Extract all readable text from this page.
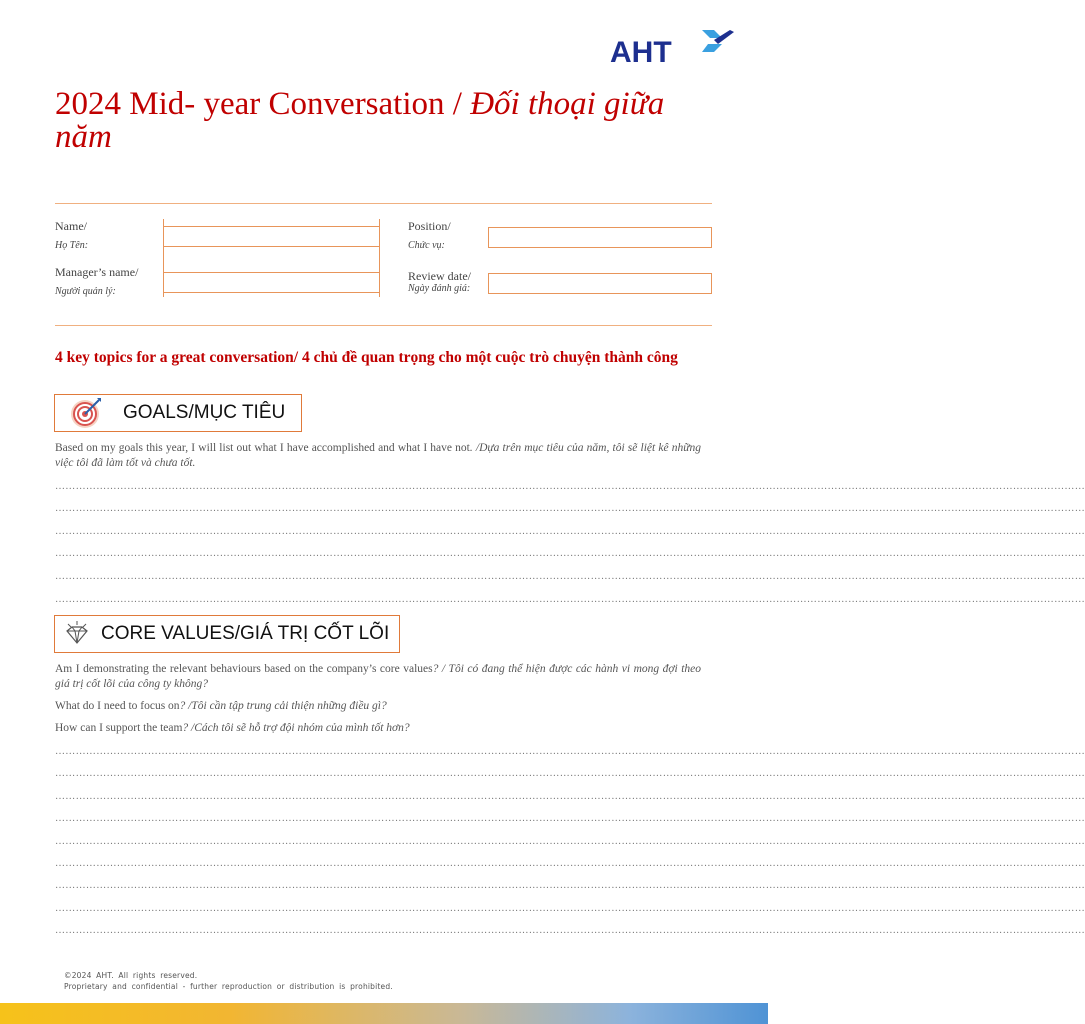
AHT
2024 Mid- year Conversation / Đối thoại giữa năm
Name/
Họ Tên:
Manager’s name/
Người quản lý:
Position/
Chức vụ:
Review date/
Ngày đánh giá:
4 key topics for a great conversation/ 4 chủ đề quan trọng cho một cuộc trò chuyện thành công
GOALS/MỤC TIÊU
Based on my goals this year, I will list out what I have accomplished and what I have not. /Dựa trên mục tiêu của năm, tôi sẽ liệt kê những việc tôi đã làm tốt và chưa tốt.
…………………………………………………………………………………………………………………………………………………………………………………………………………………………………………………………………………
…………………………………………………………………………………………………………………………………………………………………………………………………………………………………………………………………………
…………………………………………………………………………………………………………………………………………………………………………………………………………………………………………………………………………
…………………………………………………………………………………………………………………………………………………………………………………………………………………………………………………………………………
…………………………………………………………………………………………………………………………………………………………………………………………………………………………………………………………………………
…………………………………………………………………………………………………………………………………………………………………………………………………………………………………………………………………………
CORE VALUES/GIÁ TRỊ CỐT LÕI
Am I demonstrating the relevant behaviours based on the company’s core values? / Tôi có đang thể hiện được các hành vi mong đợi theo giá trị cốt lõi của công ty không?
What do I need to focus on? /Tôi cần tập trung cải thiện những điều gì?
How can I support the team? /Cách tôi sẽ hỗ trợ đội nhóm của mình tốt hơn?
…………………………………………………………………………………………………………………………………………………………………………………………………………………………………………………………………………
…………………………………………………………………………………………………………………………………………………………………………………………………………………………………………………………………………
…………………………………………………………………………………………………………………………………………………………………………………………………………………………………………………………………………
…………………………………………………………………………………………………………………………………………………………………………………………………………………………………………………………………………
…………………………………………………………………………………………………………………………………………………………………………………………………………………………………………………………………………
…………………………………………………………………………………………………………………………………………………………………………………………………………………………………………………………………………
…………………………………………………………………………………………………………………………………………………………………………………………………………………………………………………………………………
…………………………………………………………………………………………………………………………………………………………………………………………………………………………………………………………………………
…………………………………………………………………………………………………………………………………………………………………………………………………………………………………………………………………………
©2024 AHT. All rights reserved.
Proprietary and confidential - further reproduction or distribution is prohibited.
